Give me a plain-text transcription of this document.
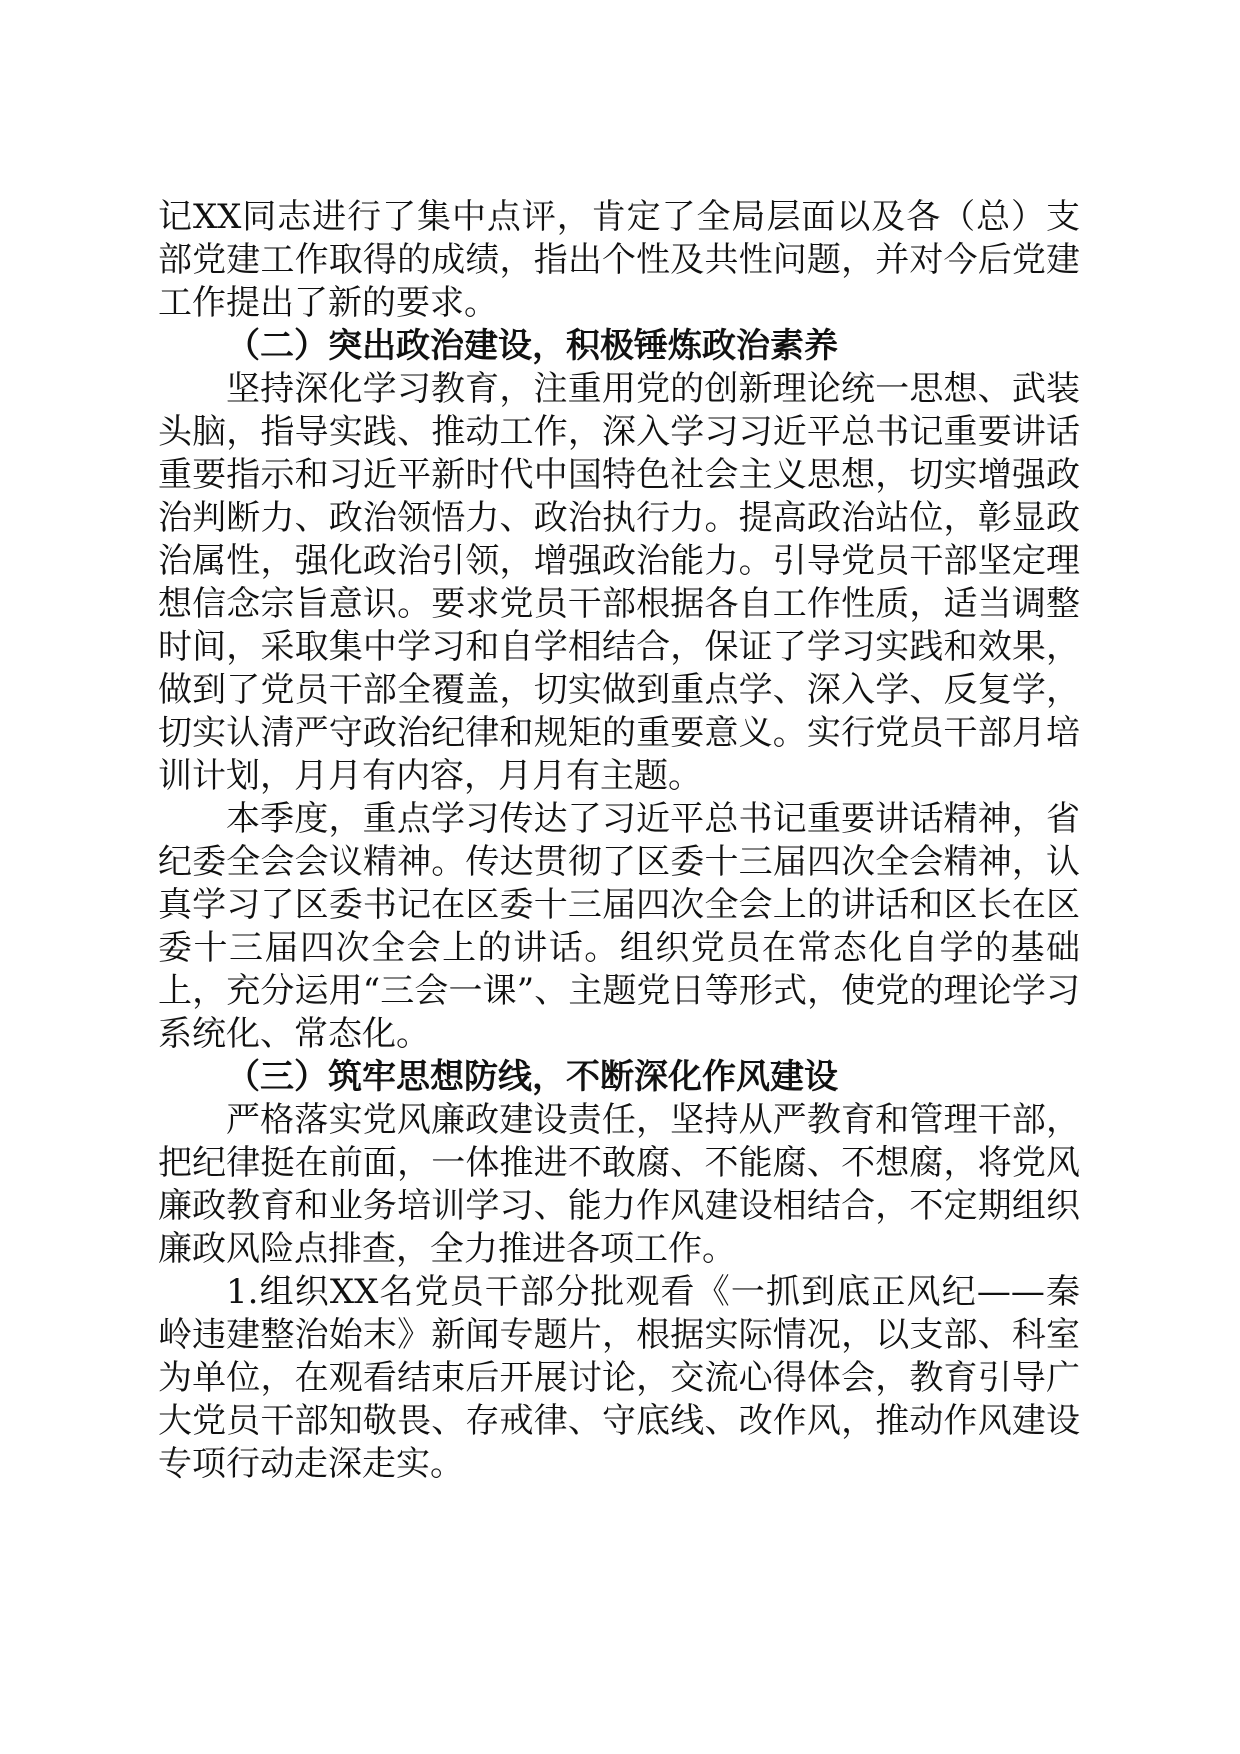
记XX同志进行了集中点评，肯定了全局层面以及各（总）支部党建工作取得的成绩，指出个性及共性问题，并对今后党建工作提出了新的要求。

（二）突出政治建设，积极锤炼政治素养

坚持深化学习教育，注重用党的创新理论统一思想、武装头脑，指导实践、推动工作，深入学习习近平总书记重要讲话重要指示和习近平新时代中国特色社会主义思想，切实增强政治判断力、政治领悟力、政治执行力。提高政治站位，彰显政治属性，强化政治引领，增强政治能力。引导党员干部坚定理想信念宗旨意识。要求党员干部根据各自工作性质，适当调整时间，采取集中学习和自学相结合，保证了学习实践和效果，做到了党员干部全覆盖，切实做到重点学、深入学、反复学，切实认清严守政治纪律和规矩的重要意义。实行党员干部月培训计划，月月有内容，月月有主题。

本季度，重点学习传达了习近平总书记重要讲话精神，省纪委全会会议精神。传达贯彻了区委十三届四次全会精神，认真学习了区委书记在区委十三届四次全会上的讲话和区长在区委十三届四次全会上的讲话。组织党员在常态化自学的基础上，充分运用“三会一课”、主题党日等形式，使党的理论学习系统化、常态化。

（三）筑牢思想防线，不断深化作风建设

严格落实党风廉政建设责任，坚持从严教育和管理干部，把纪律挺在前面，一体推进不敢腐、不能腐、不想腐，将党风廉政教育和业务培训学习、能力作风建设相结合，不定期组织廉政风险点排查，全力推进各项工作。

1.组织XX名党员干部分批观看《一抓到底正风纪——秦岭违建整治始末》新闻专题片，根据实际情况，以支部、科室为单位，在观看结束后开展讨论，交流心得体会，教育引导广大党员干部知敬畏、存戒律、守底线、改作风，推动作风建设专项行动走深走实。
